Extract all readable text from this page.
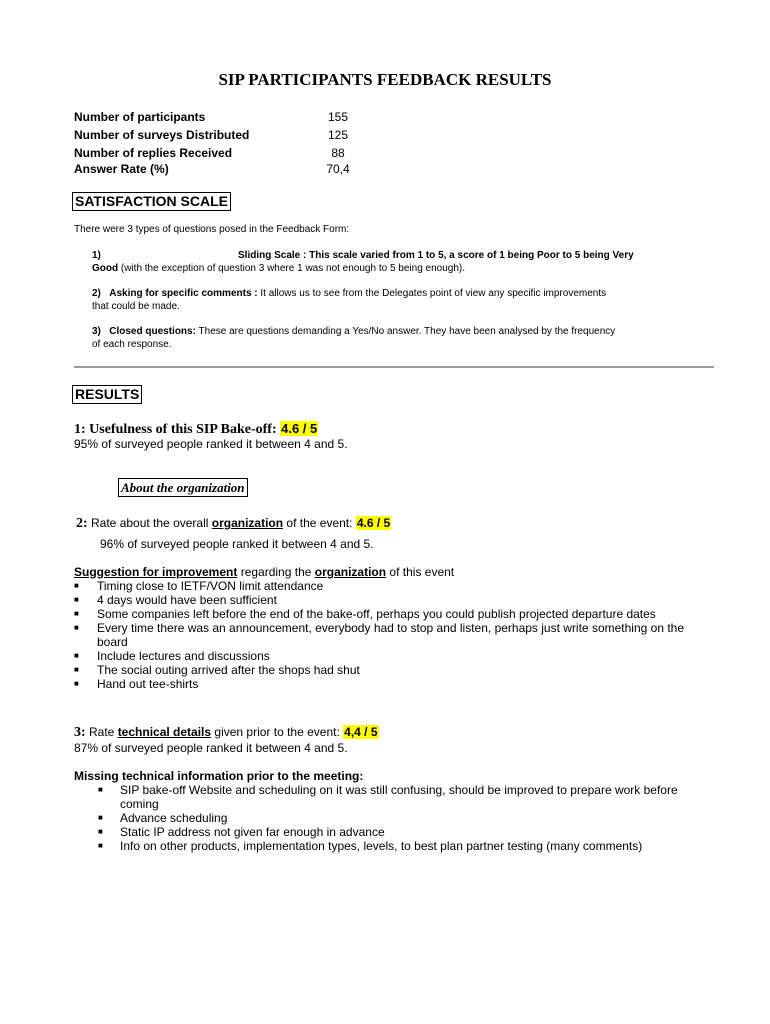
SIP PARTICIPANTS FEEDBACK RESULTS
Number of participants	155
Number of surveys Distributed	125
Number of replies Received	88
Answer Rate (%)	70,4
SATISFACTION SCALE
There were 3 types of questions posed in the Feedback Form:
1)	Sliding Scale : This scale varied from 1 to 5, a score of 1 being Poor to 5 being Very
Good (with the exception of question 3 where 1 was not enough to 5 being enough).
2) Asking for specific comments : It allows us to see from the Delegates point of view any specific improvements
that could be made.
3) Closed questions: These are questions demanding a Yes/No answer. They have been analysed by the frequency
of each response.
RESULTS
1: Usefulness of this SIP Bake-off: 4.6 / 5
95% of surveyed people ranked it between 4 and 5.
About the organization
2: Rate about the overall organization of the event: 4.6 / 5
96% of surveyed people ranked it between 4 and 5.
Suggestion for improvement regarding the organization of this event
■ Timing close to IETF/VON limit attendance
■ 4 days would have been sufficient
■ Some companies left before the end of the bake-off, perhaps you could publish projected departure dates
■ Every time there was an announcement, everybody had to stop and listen, perhaps just write something on the board
■ Include lectures and discussions
■ The social outing arrived after the shops had shut
■ Hand out tee-shirts
3: Rate technical details given prior to the event: 4,4 / 5
87% of surveyed people ranked it between 4 and 5.
Missing technical information prior to the meeting:
■ SIP bake-off Website and scheduling on it was still confusing, should be improved to prepare work before coming
■ Advance scheduling
■ Static IP address not given far enough in advance
■ Info on other products, implementation types, levels, to best plan partner testing (many comments)
